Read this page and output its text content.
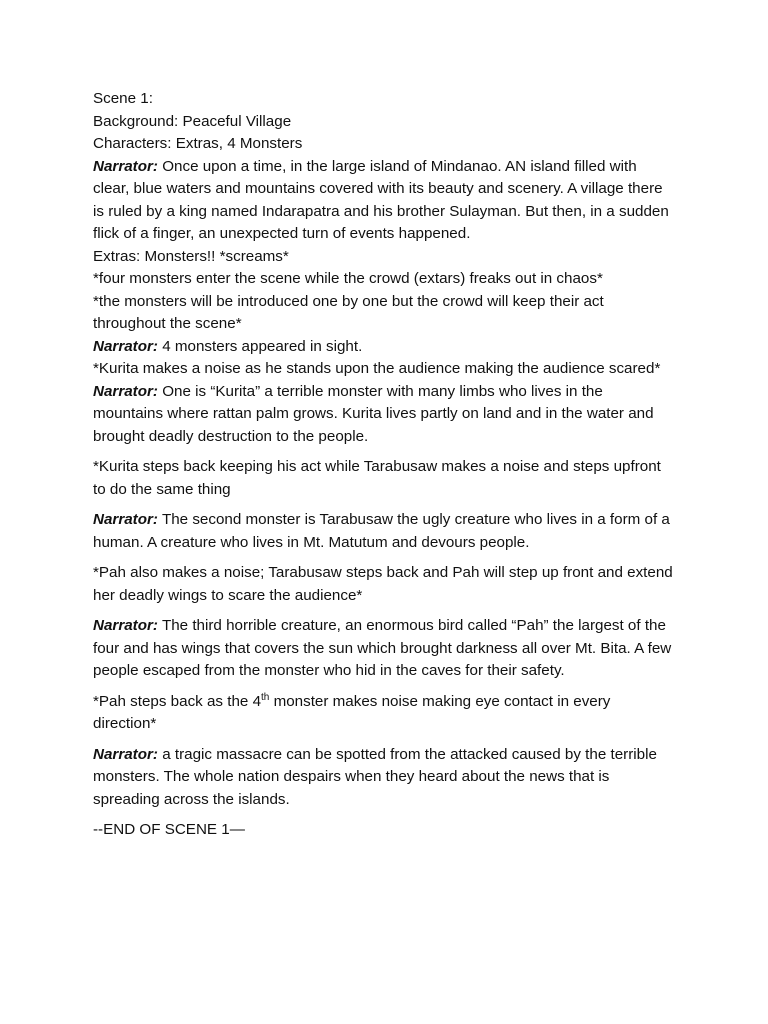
Scene 1:

Background: Peaceful Village

Characters: Extras, 4 Monsters

Narrator: Once upon a time, in the large island of Mindanao. AN island filled with clear, blue waters and mountains covered with its beauty and scenery. A village there is ruled by a king named Indarapatra and his brother Sulayman. But then, in a sudden flick of a finger, an unexpected turn of events happened.

Extras: Monsters!! *screams*

*four monsters enter the scene while the crowd (extars) freaks out in chaos*

*the monsters will be introduced one by one but the crowd will keep their act throughout the scene*

Narrator: 4 monsters appeared in sight.

*Kurita makes a noise as he stands upon the audience making the audience scared*

Narrator: One is “Kurita” a terrible monster with many limbs who lives in the mountains where rattan palm grows. Kurita lives partly on land and in the water and brought deadly destruction to the people.

*Kurita steps back keeping his act while Tarabusaw makes a noise and steps upfront to do the same thing

Narrator: The second monster is Tarabusaw the ugly creature who lives in a form of a human. A creature who lives in Mt. Matutum and devours people.

*Pah also makes a noise; Tarabusaw steps back and Pah will step up front and extend her deadly wings to scare the audience*

Narrator: The third horrible creature, an enormous bird called “Pah” the largest of the four and has wings that covers the sun which brought darkness all over Mt. Bita. A few people escaped from the monster who hid in the caves for their safety.

*Pah steps back as the 4th monster makes noise making eye contact in every direction*

Narrator: a tragic massacre can be spotted from the attacked caused by the terrible monsters. The whole nation despairs when they heard about the news that is spreading across the islands.

--END OF SCENE 1—
